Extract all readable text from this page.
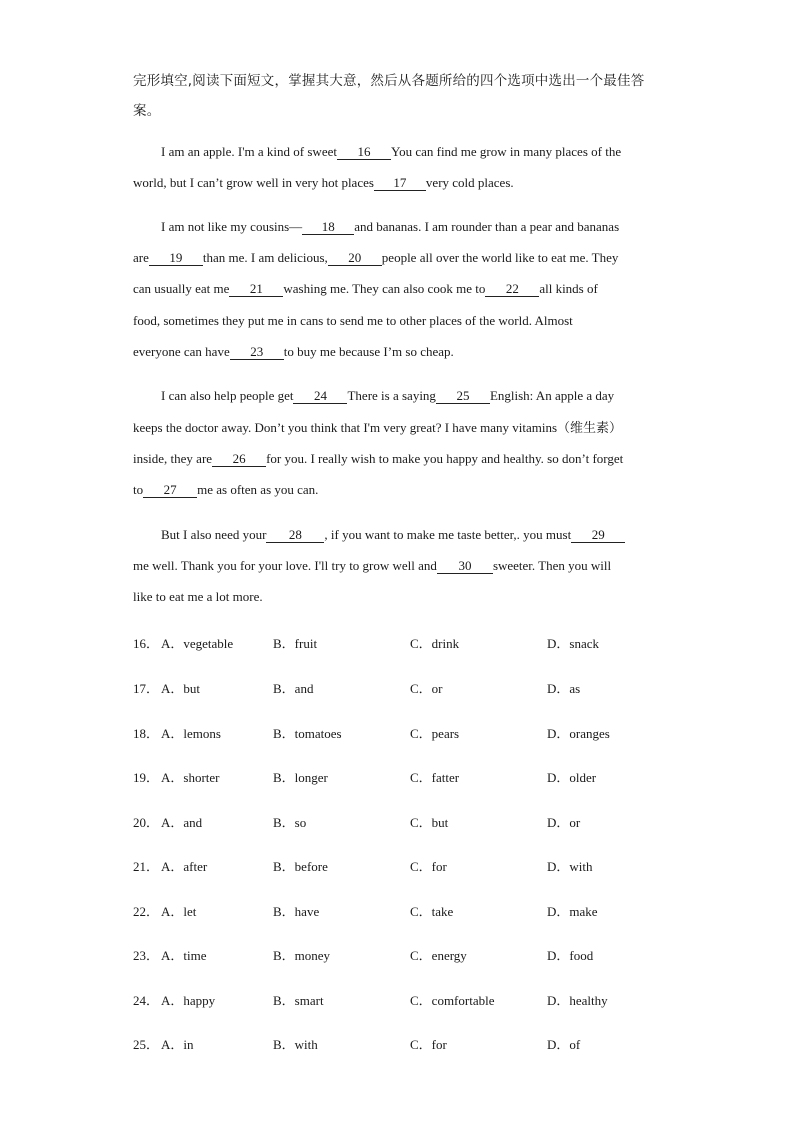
完形填空,阅读下面短文，掌握其大意，然后从各题所给的四个选项中选出一个最佳答案。
I am an apple. I'm a kind of sweet 16 You can find me grow in many places of the
world, but I can’t grow well in very hot places 17 very cold places.
I am not like my cousins— 18 and bananas. I am rounder than a pear and bananas
are 19 than me. I am delicious, 20 people all over the world like to eat me. They
can usually eat me 21 washing me. They can also cook me to 22 all kinds of
food, sometimes they put me in cans to send me to other places of the world. Almost
everyone can have 23 to buy me because I’m so cheap.
I can also help people get 24 There is a saying 25 English: An apple a day
keeps the doctor away. Don’t you think that I'm very great? I have many vitamins（维生素）
inside, they are 26 for you. I really wish to make you happy and healthy. so don’t forget
to 27 me as often as you can.
But I also need your 28 , if you want to make me taste better,. you must 29
me well. Thank you for your love. I'll try to grow well and 30 sweeter. Then you will
like to eat me a lot more.
16． A．vegetable	B．fruit	C．drink	D．snack
17． A．but	B．and	C．or	D．as
18． A．lemons	B．tomatoes	C．pears	D．oranges
19． A．shorter	B．longer	C．fatter	D．older
20． A．and	B．so	C．but	D．or
21． A．after	B．before	C．for	D．with
22． A．let	B．have	C．take	D．make
23． A．time	B．money	C．energy	D．food
24． A．happy	B．smart	C．comfortable	D．healthy
25． A．in	B．with	C．for	D．of
